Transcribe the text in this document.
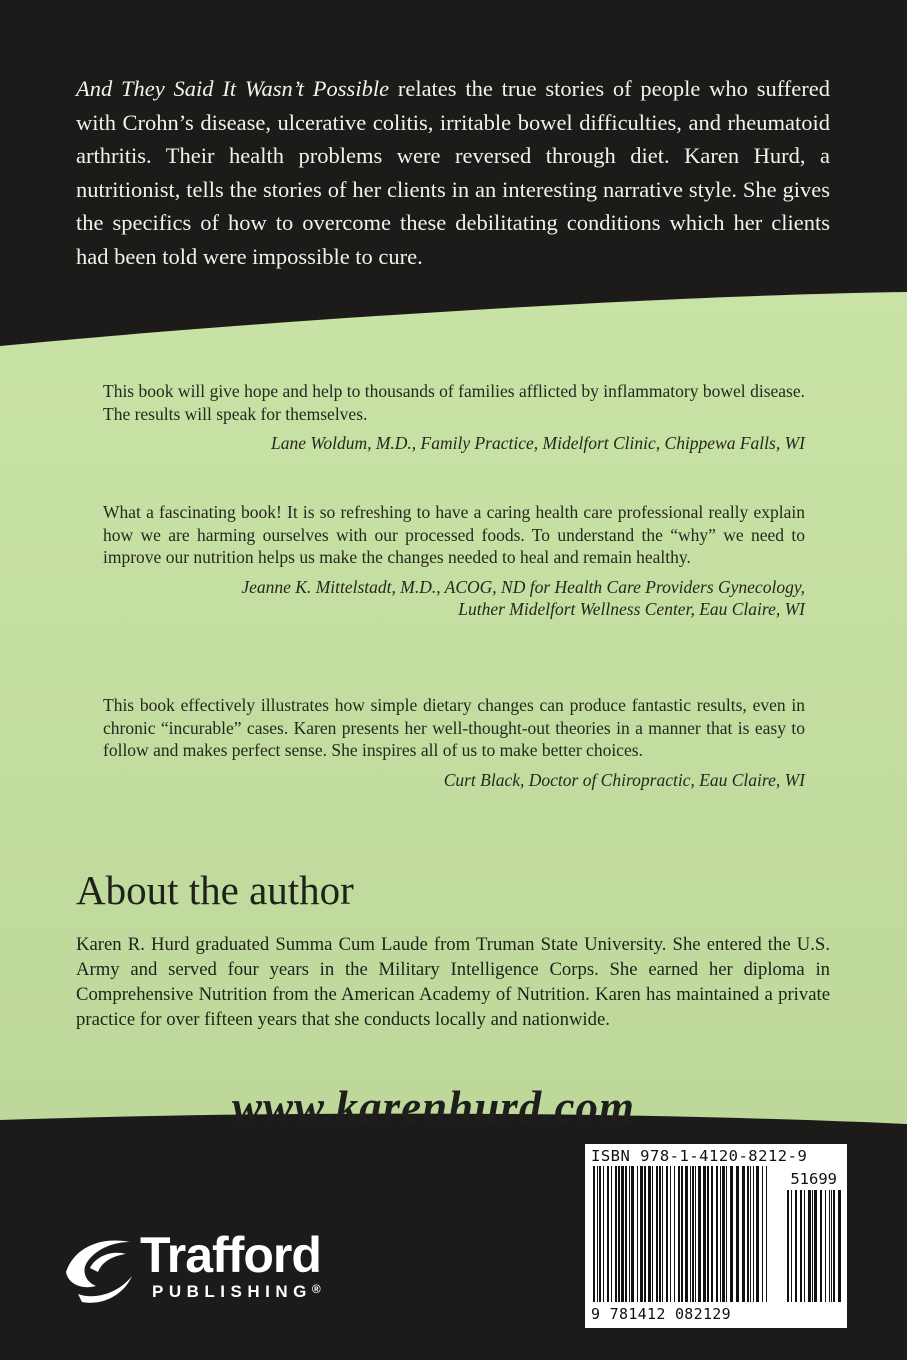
And They Said It Wasn’t Possible relates the true stories of people who suffered with Crohn’s disease, ulcerative colitis, irritable bowel difficulties, and rheumatoid arthritis. Their health problems were reversed through diet. Karen Hurd, a nutritionist, tells the stories of her clients in an interesting narrative style. She gives the specifics of how to overcome these debilitating conditions which her clients had been told were impossible to cure.

This book will give hope and help to thousands of families afflicted by inflammatory bowel disease. The results will speak for themselves.

Lane Woldum, M.D., Family Practice, Midelfort Clinic, Chippewa Falls, WI

What a fascinating book! It is so refreshing to have a caring health care professional really explain how we are harming ourselves with our processed foods. To understand the “why” we need to improve our nutrition helps us make the changes needed to heal and remain healthy.

Jeanne K. Mittelstadt, M.D., ACOG, ND for Health Care Providers Gynecology,
Luther Midelfort Wellness Center, Eau Claire, WI

This book effectively illustrates how simple dietary changes can produce fantastic results, even in chronic “incurable” cases. Karen presents her well-thought-out theories in a manner that is easy to follow and makes perfect sense. She inspires all of us to make better choices.

Curt Black, Doctor of Chiropractic, Eau Claire, WI
About the author
Karen R. Hurd graduated Summa Cum Laude from Truman State University. She entered the U.S. Army and served four years in the Military Intelligence Corps. She earned her diploma in Comprehensive Nutrition from the American Academy of Nutrition. Karen has maintained a private practice for over fifteen years that she conducts locally and nationwide.
www.karenhurd.com
ISBN 978-1-4120-8212-9
51699
9 781412 082129
Trafford
PUBLISHING®
